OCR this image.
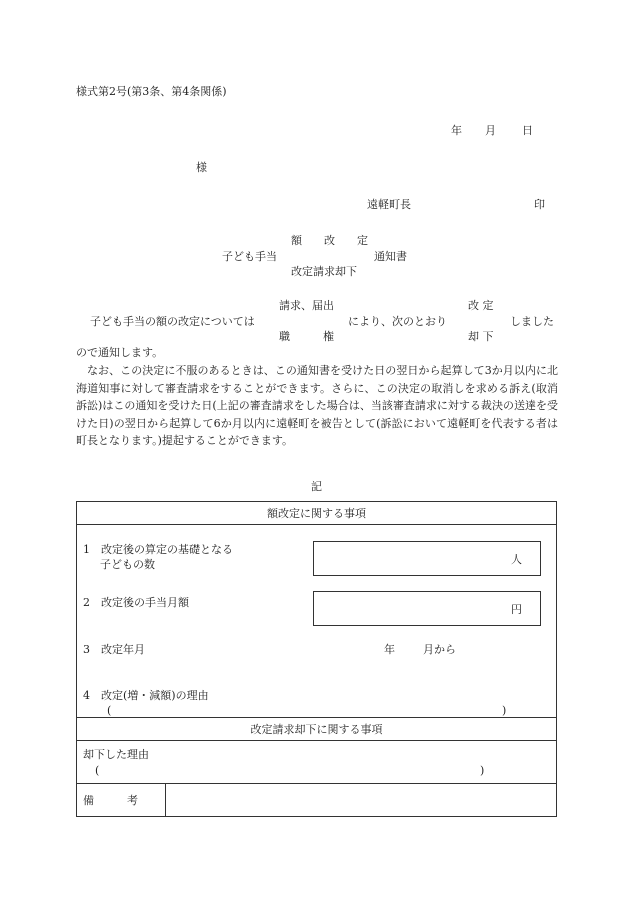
様式第2号(第3条、第4条関係)
年 月 日
様
遠軽町長	印
額　　改　　定
子ども手当	通知書
改定請求却下
請求、届出
職　　　権
子ども手当の額の改定については	により、次のとおり
改 定
却 下
しました
ので通知します。
なお、この決定に不服のあるときは、この通知書を受けた日の翌日から起算して3か月以内に北海道知事に対して審査請求をすることができます。さらに、この決定の取消しを求める訴え(取消訴訟)はこの通知を受けた日(上記の審査請求をした場合は、当該審査請求に対する裁決の送達を受けた日)の翌日から起算して6か月以内に遠軽町を被告として(訴訟において遠軽町を代表する者は町長となります。)提起することができます。
記
額改定に関する事項
1　改定後の算定の基礎となる
子どもの数	人
2　改定後の手当月額
円
3　改定年月	年	月から
4　改定(増・減額)の理由
(	)
改定請求却下に関する事項
却下した理由
(	)
備　　　考
